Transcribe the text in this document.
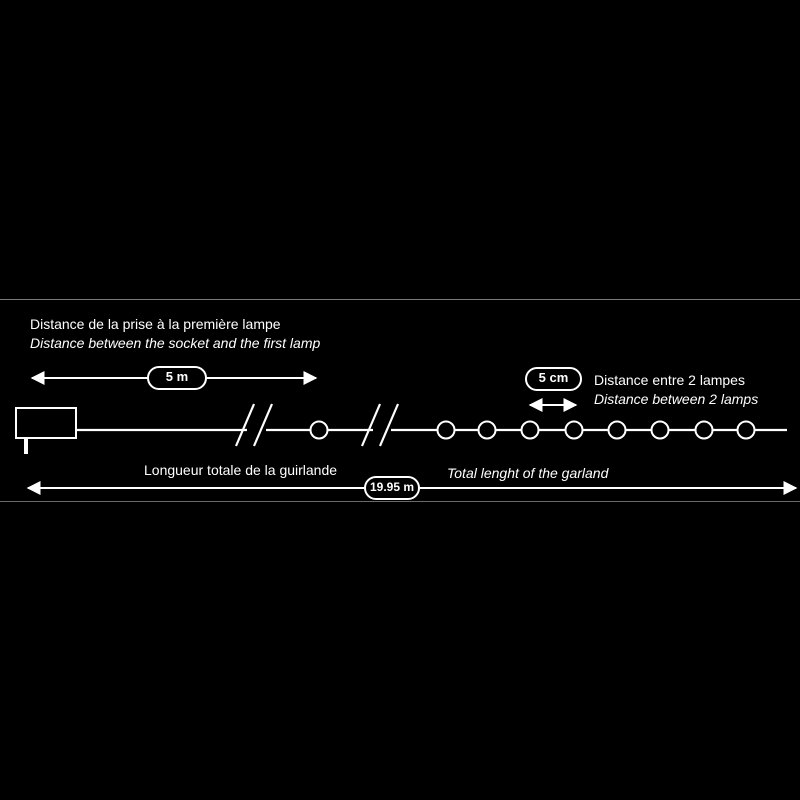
Distance de la prise à la première lampe
Distance between the socket and the first lamp
5 m	5 cm	Distance entre 2 lampes
Distance between 2 lamps
Longueur totale de la guirlande	Total lenght of the garland
19.95 m
